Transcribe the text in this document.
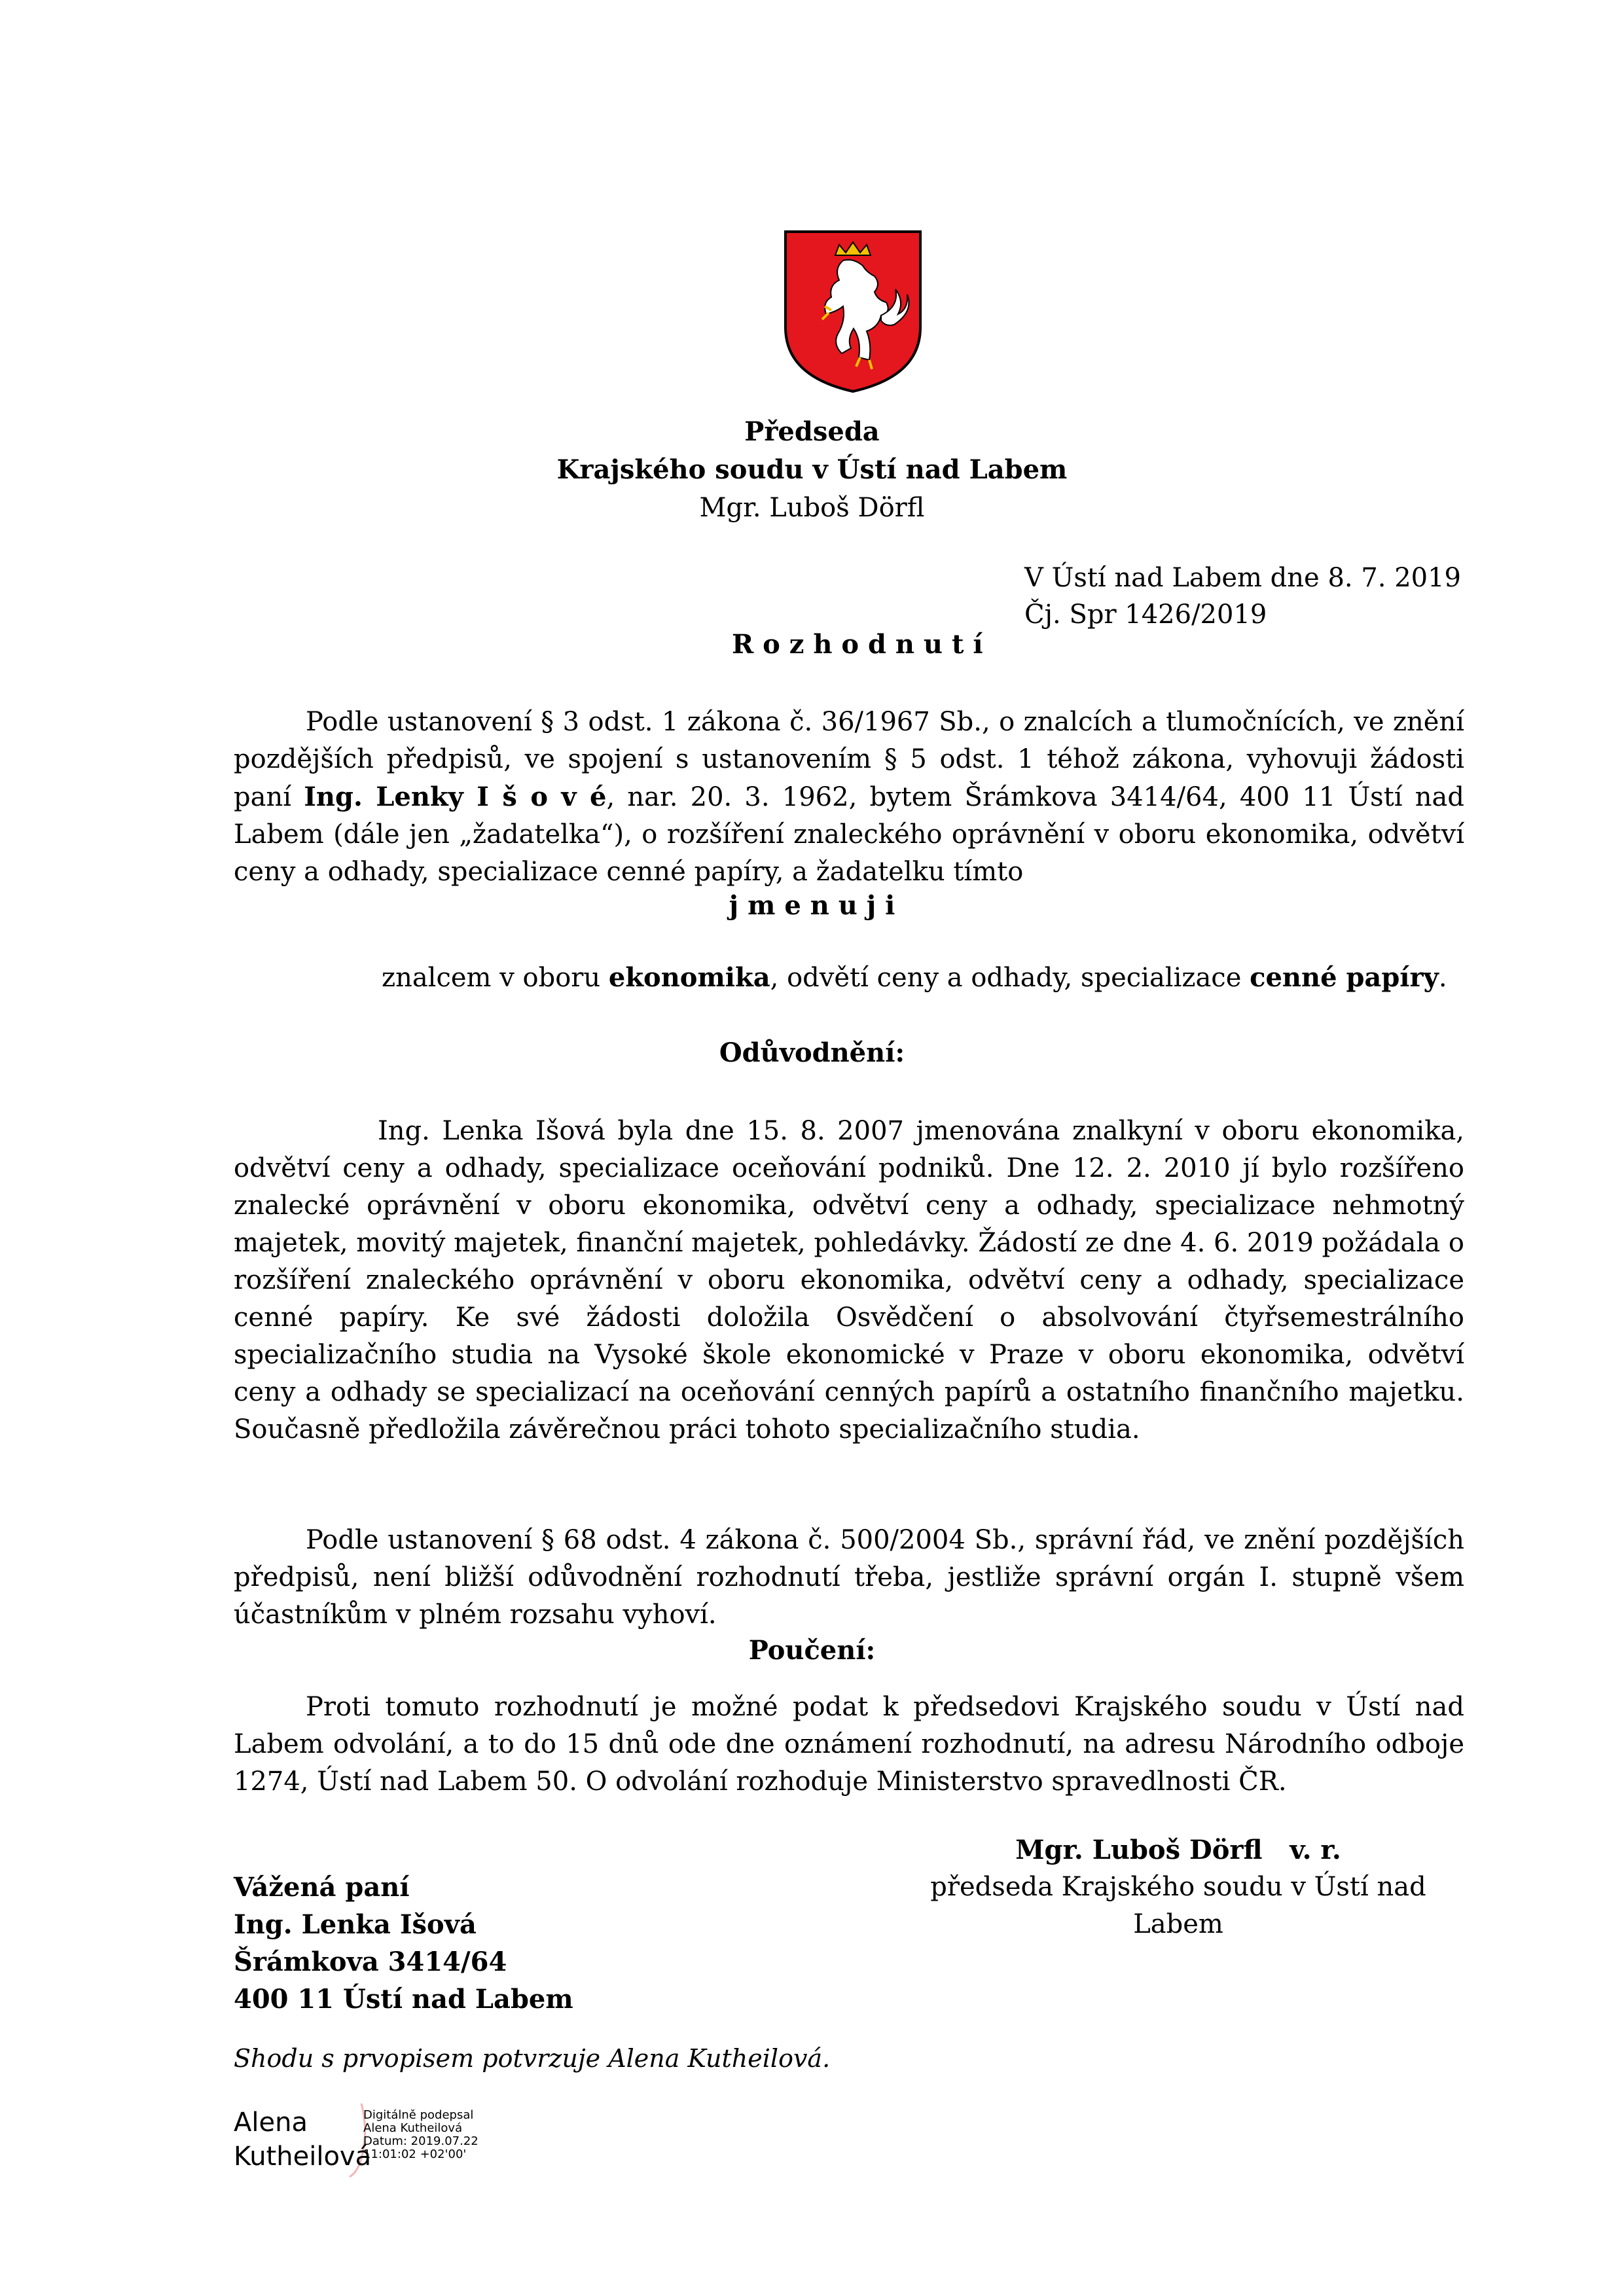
Předseda
Krajského soudu v Ústí nad Labem
Mgr. Luboš Dörfl
V Ústí nad Labem dne 8. 7. 2019
Čj. Spr 1426/2019
R o z h o d n u t í
Podle ustanovení § 3 odst. 1 zákona č. 36/1967 Sb., o znalcích a tlumočnících, ve znění pozdějších předpisů, ve spojení s ustanovením § 5 odst. 1 téhož zákona, vyhovuji žádosti paní Ing. Lenky I š o v é, nar. 20. 3. 1962, bytem Šrámkova 3414/64, 400 11 Ústí nad Labem (dále jen „žadatelka“), o rozšíření znaleckého oprávnění v oboru ekonomika, odvětví ceny a odhady, specializace cenné papíry, a žadatelku tímto
j m e n u j i
znalcem v oboru ekonomika, odvětí ceny a odhady, specializace cenné papíry.
Odůvodnění:
Ing. Lenka Išová byla dne 15. 8. 2007 jmenována znalkyní v oboru ekonomika, odvětví ceny a odhady, specializace oceňování podniků. Dne 12. 2. 2010 jí bylo rozšířeno znalecké oprávnění v oboru ekonomika, odvětví ceny a odhady, specializace nehmotný majetek, movitý majetek, finanční majetek, pohledávky. Žádostí ze dne 4. 6. 2019 požádala o rozšíření znaleckého oprávnění v oboru ekonomika, odvětví ceny a odhady, specializace cenné papíry. Ke své žádosti doložila Osvědčení o absolvování čtyřsemestrálního specializačního studia na Vysoké škole ekonomické v Praze v oboru ekonomika, odvětví ceny a odhady se specializací na oceňování cenných papírů a ostatního finančního majetku. Současně předložila závěrečnou práci tohoto specializačního studia.
Podle ustanovení § 68 odst. 4 zákona č. 500/2004 Sb., správní řád, ve znění pozdějších předpisů, není bližší odůvodnění rozhodnutí třeba, jestliže správní orgán I. stupně všem účastníkům v plném rozsahu vyhoví.
Poučení:
Proti tomuto rozhodnutí je možné podat k předsedovi Krajského soudu v Ústí nad Labem odvolání, a to do 15 dnů ode dne oznámení rozhodnutí, na adresu Národního odboje 1274, Ústí nad Labem 50. O odvolání rozhoduje Ministerstvo spravedlnosti ČR.
Mgr. Luboš Dörfl   v. r.
předseda Krajského soudu v Ústí nad Labem
Vážená paní
Ing. Lenka Išová
Šrámkova 3414/64
400 11 Ústí nad Labem
Shodu s prvopisem potvrzuje Alena Kutheilová.
Alena
Kutheilová
Digitálně podepsal
Alena Kutheilová
Datum: 2019.07.22
11:01:02 +02'00'
